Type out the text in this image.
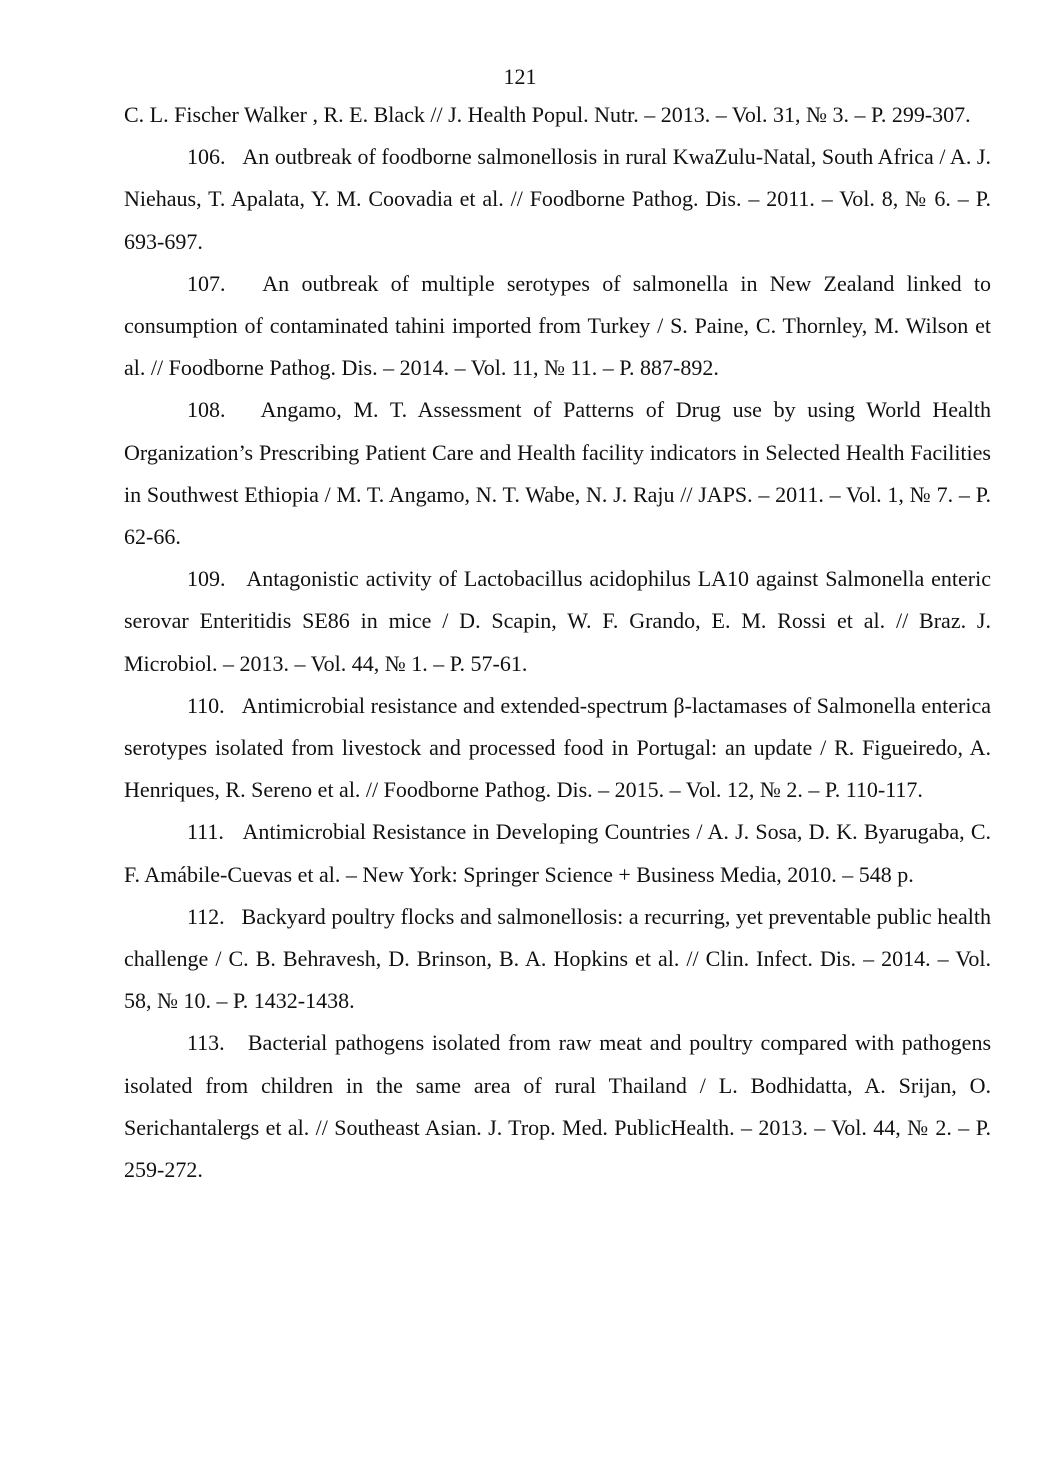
121

C. L. Fischer Walker , R. E. Black // J. Health Popul. Nutr. – 2013. – Vol. 31, № 3. – P. 299-307.

106. An outbreak of foodborne salmonellosis in rural KwaZulu-Natal, South Africa / A. J. Niehaus, T. Apalata, Y. M. Coovadia et al. // Foodborne Pathog. Dis. – 2011. – Vol. 8, № 6. – P. 693-697.

107. An outbreak of multiple serotypes of salmonella in New Zealand linked to consumption of contaminated tahini imported from Turkey / S. Paine, C. Thornley, M. Wilson et al. // Foodborne Pathog. Dis. – 2014. – Vol. 11, № 11. – P. 887-892.

108. Angamo, M. T. Assessment of Patterns of Drug use by using World Health Organization’s Prescribing Patient Care and Health facility indicators in Selected Health Facilities in Southwest Ethiopia / M. T. Angamo, N. T. Wabe, N. J. Raju // JAPS. – 2011. – Vol. 1, № 7. – P. 62-66.

109. Antagonistic activity of Lactobacillus acidophilus LA10 against Salmonella enteric serovar Enteritidis SE86 in mice / D. Scapin, W. F. Grando, E. M. Rossi et al. // Braz. J. Microbiol. – 2013. – Vol. 44, № 1. – P. 57-61.

110. Antimicrobial resistance and extended-spectrum β-lactamases of Salmonella enterica serotypes isolated from livestock and processed food in Portugal: an update / R. Figueiredo, A. Henriques, R. Sereno et al. // Foodborne Pathog. Dis. – 2015. – Vol. 12, № 2. – P. 110-117.

111. Antimicrobial Resistance in Developing Countries / A. J. Sosa, D. K. Byarugaba, C. F. Amábile-Cuevas et al. – New York: Springer Science + Business Media, 2010. – 548 p.

112. Backyard poultry flocks and salmonellosis: a recurring, yet preventable public health challenge / C. B. Behravesh, D. Brinson, B. A. Hopkins et al. // Clin. Infect. Dis. – 2014. – Vol. 58, № 10. – P. 1432-1438.

113. Bacterial pathogens isolated from raw meat and poultry compared with pathogens isolated from children in the same area of rural Thailand / L. Bodhidatta, A. Srijan, O. Serichantalergs et al. // Southeast Asian. J. Trop. Med. PublicHealth. – 2013. – Vol. 44, № 2. – P. 259-272.
